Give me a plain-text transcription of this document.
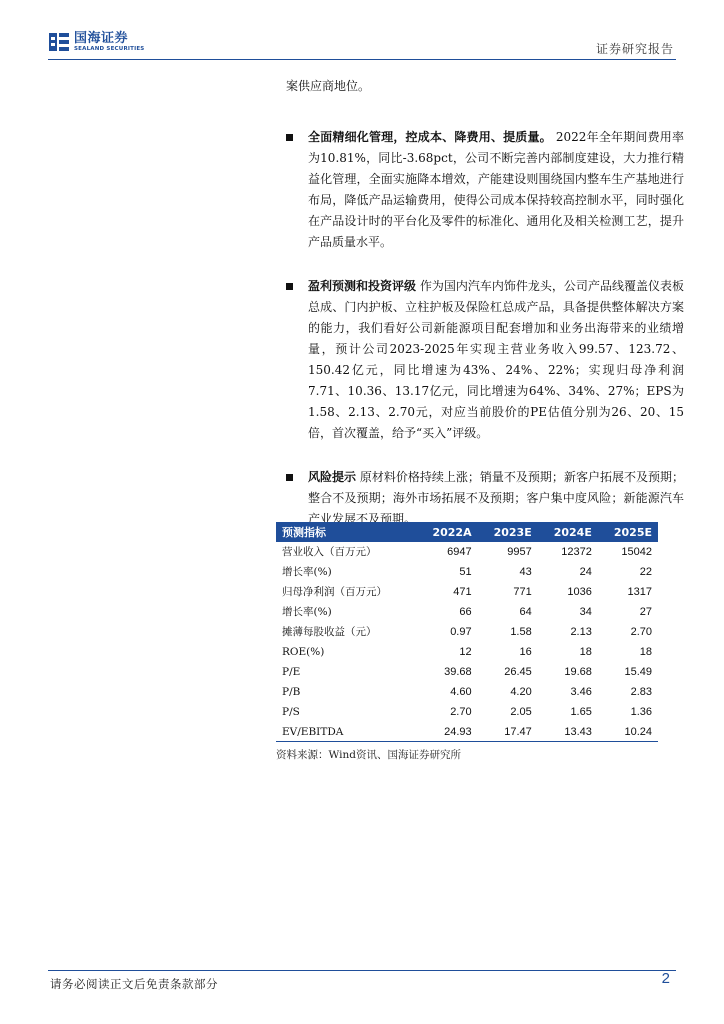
国海证券
SEALAND SECURITIES	证券研究报告

案供应商地位。

全面精细化管理，控成本、降费用、提质量。 2022年全年期间费用率为10.81%，同比-3.68pct，公司不断完善内部制度建设，大力推行精益化管理，全面实施降本增效，产能建设则围绕国内整车生产基地进行布局，降低产品运输费用，使得公司成本保持较高控制水平，同时强化在产品设计时的平台化及零件的标准化、通用化及相关检测工艺，提升产品质量水平。

盈利预测和投资评级 作为国内汽车内饰件龙头，公司产品线覆盖仪表板总成、门内护板、立柱护板及保险杠总成产品，具备提供整体解决方案的能力，我们看好公司新能源项目配套增加和业务出海带来的业绩增量，预计公司2023-2025年实现主营业务收入99.57、123.72、150.42亿元，同比增速为43%、24%、22%；实现归母净利润7.71、10.36、13.17亿元，同比增速为64%、34%、27%；EPS为1.58、2.13、2.70元，对应当前股价的PE估值分别为26、20、15倍，首次覆盖，给予“买入”评级。

风险提示 原材料价格持续上涨；销量不及预期；新客户拓展不及预期；整合不及预期；海外市场拓展不及预期；客户集中度风险；新能源汽车产业发展不及预期。

预测指标	2022A	2023E	2024E	2025E
营业收入（百万元）	6947	9957	12372	15042
增长率(%)	51	43	24	22
归母净利润（百万元）	471	771	1036	1317
增长率(%)	66	64	34	27
摊薄每股收益（元）	0.97	1.58	2.13	2.70
ROE(%)	12	16	18	18
P/E	39.68	26.45	19.68	15.49
P/B	4.60	4.20	3.46	2.83
P/S	2.70	2.05	1.65	1.36
EV/EBITDA	24.93	17.47	13.43	10.24
资料来源：Wind资讯、国海证券研究所
请务必阅读正文后免责条款部分	2
